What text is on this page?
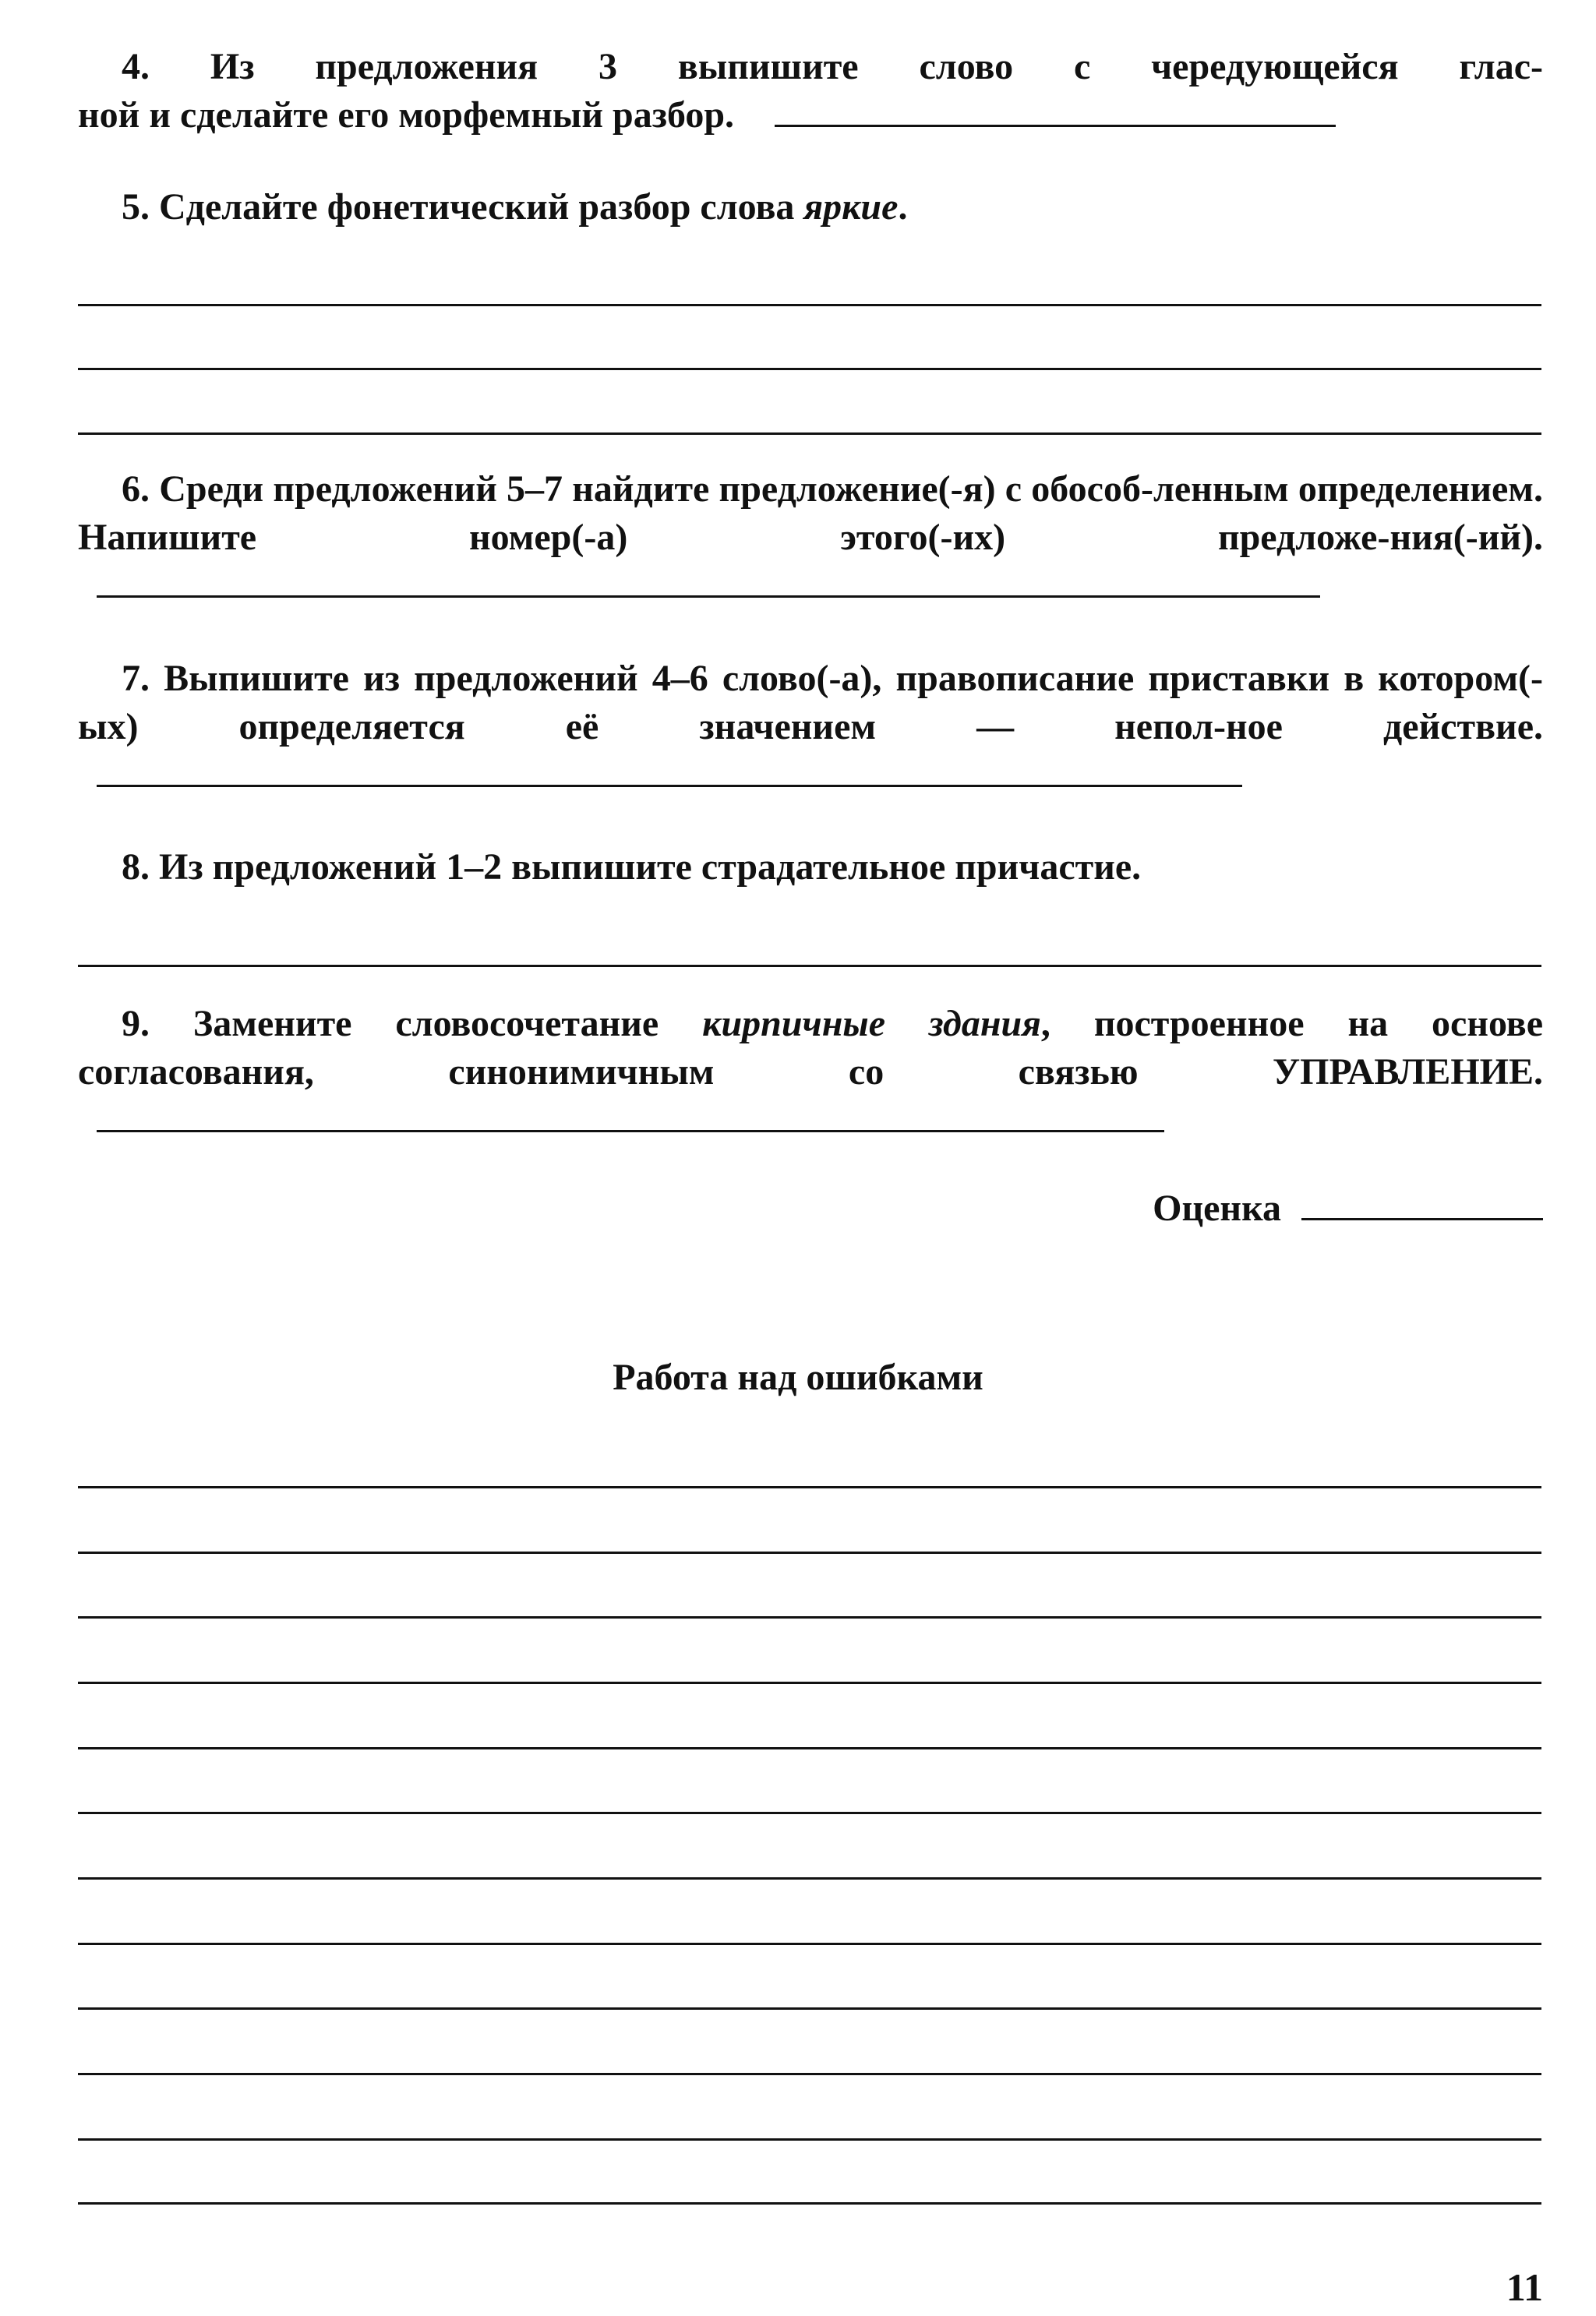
4. Из предложения 3 выпишите слово с чередующейся глас-

ной и сделайте его морфемный разбор.

5. Сделайте фонетический разбор слова яркие.

6. Среди предложений 5–7 найдите предложение(-я) с обособ-ленным определением. Напишите номер(-а) этого(-их) предложе-ния(-ий).

7. Выпишите из предложений 4–6 слово(-а), правописание приставки в котором(-ых) определяется её значением — непол-ное действие.

8. Из предложений 1–2 выпишите страдательное причастие.

9. Замените словосочетание кирпичные здания, построенное на основе согласования, синонимичным со связью	УПРАВЛЕНИЕ.

Оценка
Работа над ошибками
11
